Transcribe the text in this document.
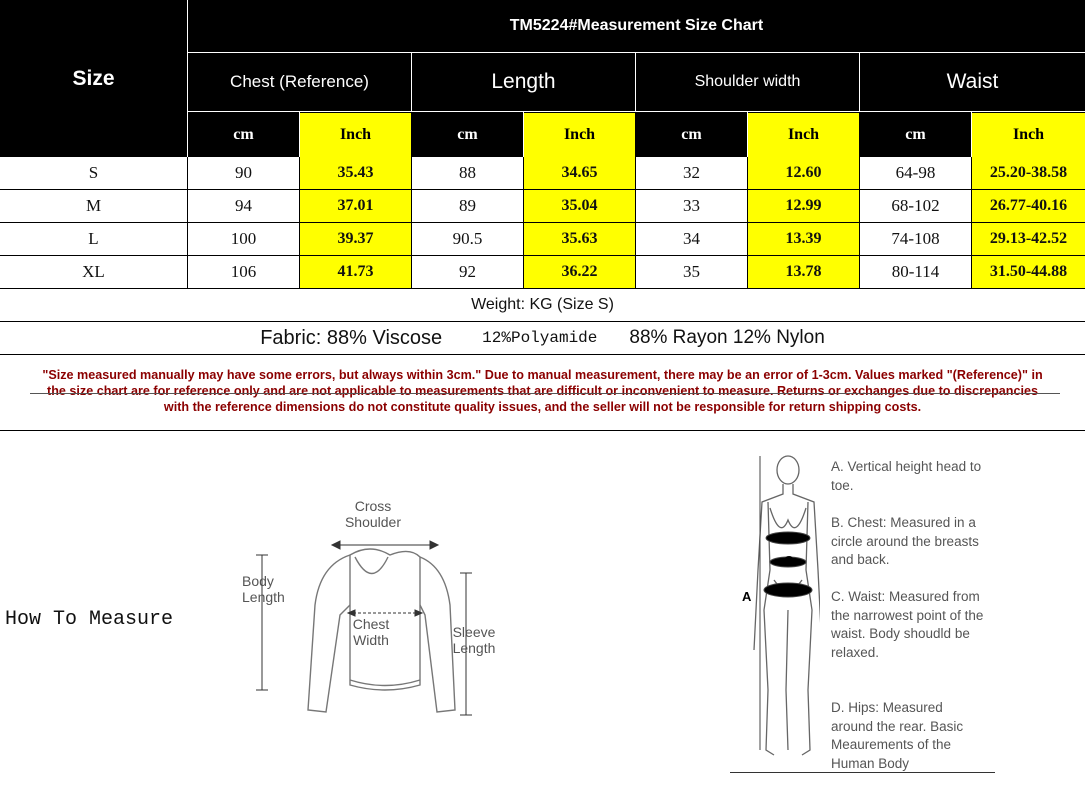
Size
TM5224#Measurement Size Chart
Chest (Reference)	Length	Shoulder width	Waist
cm	Inch	cm	Inch	cm	Inch	cm	Inch
S	90	35.43	88	34.65	32	12.60	64-98	25.20-38.58
M	94	37.01	89	35.04	33	12.99	68-102	26.77-40.16
L	100	39.37	90.5	35.63	34	13.39	74-108	29.13-42.52
XL	106	41.73	92	36.22	35	13.78	80-114	31.50-44.88
Weight: KG (Size S)
Fabric: 88% Viscose	12%Polyamide 88% Rayon 12% Nylon
"Size measured manually may have some errors, but always within 3cm." Due to manual measurement, there may be an error of 1-3cm. Values marked "(Reference)" in the size chart are for reference only and are not applicable to measurements that are difficult or inconvenient to measure. Returns or exchanges due to discrepancies with the reference dimensions do not constitute quality issues, and the seller will not be responsible for return shipping costs.
How To Measure
Cross Shoulder
Body Length
Chest Width	Sleeve Length
A
B
C
D
A. Vertical height head to toe.
B. Chest: Measured in a circle around the breasts and back.
C. Waist: Measured from the narrowest point of the waist. Body shoudld be relaxed.
D. Hips: Measured around the rear. Basic Meaurements of the Human Body
